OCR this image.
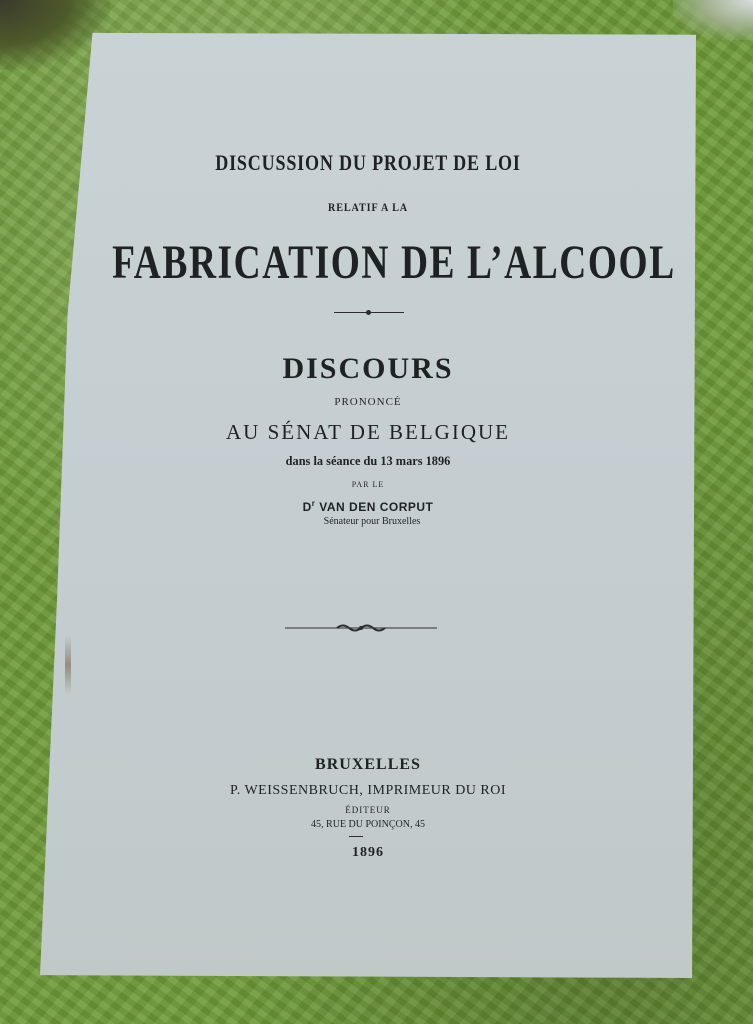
DISCUSSION DU PROJET DE LOI
RELATIF A LA
FABRICATION DE L’ALCOOL
DISCOURS
PRONONCÉ
AU SÉNAT DE BELGIQUE
dans la séance du 13 mars 1896
PAR LE
$D^r$ VAN DEN CORPUT
Sénateur pour Bruxelles
BRUXELLES
P. WEISSENBRUCH, IMPRIMEUR DU ROI
ÉDITEUR
45, RUE DU POINÇON, 45
1896
